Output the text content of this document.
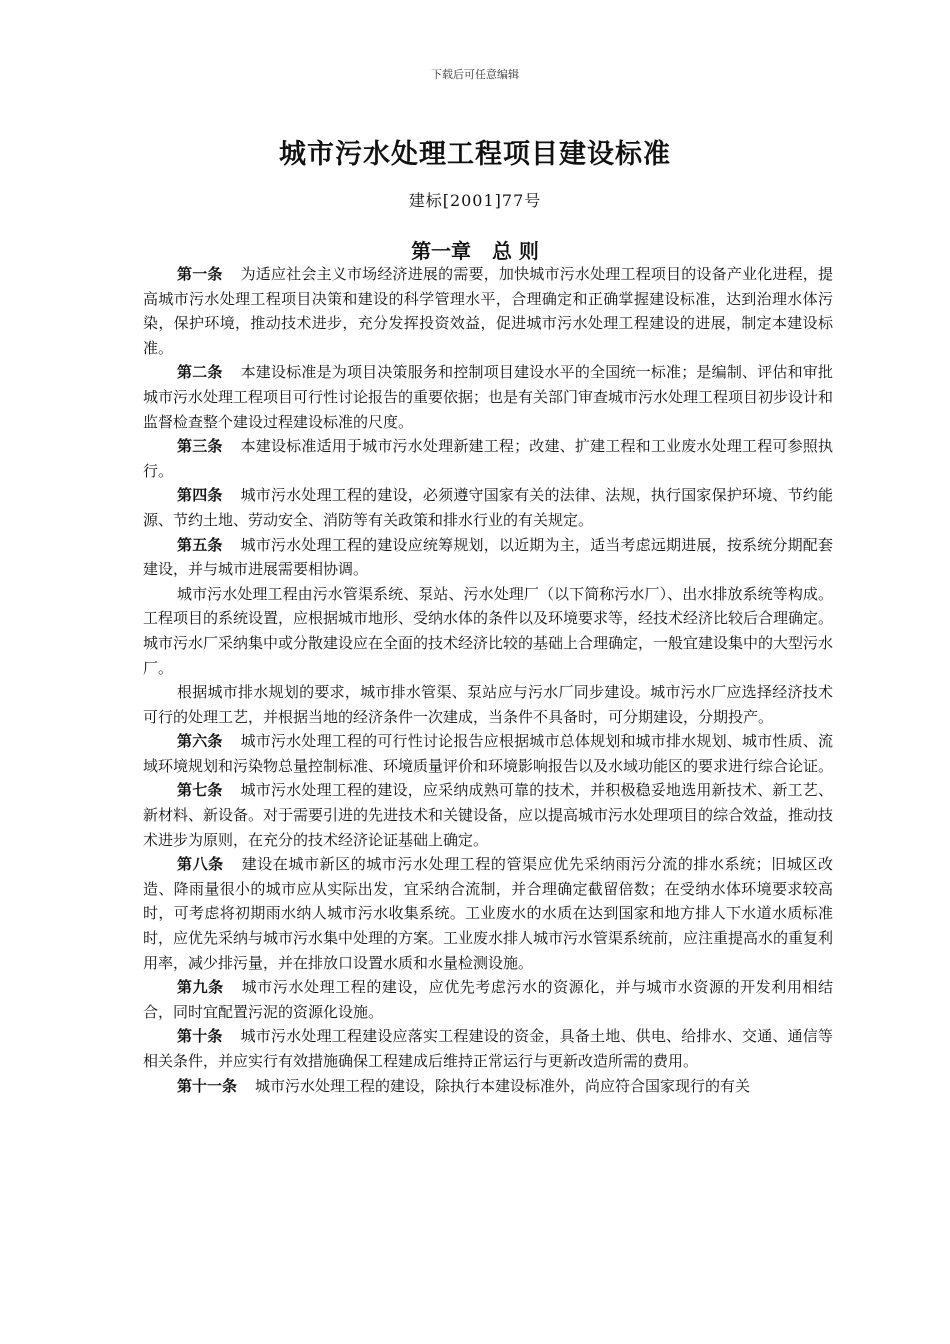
下载后可任意编辑
城市污水处理工程项目建设标准
建标[2001]77号
第一章   总 则

第一条 为适应社会主义市场经济进展的需要，加快城市污水处理工程项目的设备产业化进程，提高城市污水处理工程项目决策和建设的科学管理水平，合理确定和正确掌握建设标准，达到治理水体污染，保护环境，推动技术进步，充分发挥投资效益，促进城市污水处理工程建设的进展，制定本建设标准。

第二条 本建设标准是为项目决策服务和控制项目建设水平的全国统一标准；是编制、评估和审批城市污水处理工程项目可行性讨论报告的重要依据；也是有关部门审查城市污水处理工程项目初步设计和监督检查整个建设过程建设标准的尺度。

第三条 本建设标准适用于城市污水处理新建工程；改建、扩建工程和工业废水处理工程可参照执行。

第四条 城市污水处理工程的建设，必须遵守国家有关的法律、法规，执行国家保护环境、节约能源、节约土地、劳动安全、消防等有关政策和排水行业的有关规定。

第五条 城市污水处理工程的建设应统筹规划，以近期为主，适当考虑远期进展，按系统分期配套建设，并与城市进展需要相协调。

城市污水处理工程由污水管渠系统、泵站、污水处理厂（以下简称污水厂）、出水排放系统等构成。工程项目的系统设置，应根据城市地形、受纳水体的条件以及环境要求等，经技术经济比较后合理确定。城市污水厂采纳集中或分散建设应在全面的技术经济比较的基础上合理确定，一般宜建设集中的大型污水厂。

根据城市排水规划的要求，城市排水管渠、泵站应与污水厂同步建设。城市污水厂应选择经济技术可行的处理工艺，并根据当地的经济条件一次建成，当条件不具备时，可分期建设，分期投产。

第六条 城市污水处理工程的可行性讨论报告应根据城市总体规划和城市排水规划、城市性质、流域环境规划和污染物总量控制标准、环境质量评价和环境影响报告以及水域功能区的要求进行综合论证。

第七条 城市污水处理工程的建设，应采纳成熟可靠的技术，并积极稳妥地选用新技术、新工艺、新材料、新设备。对于需要引进的先进技术和关键设备，应以提高城市污水处理项目的综合效益，推动技术进步为原则，在充分的技术经济论证基础上确定。

第八条 建设在城市新区的城市污水处理工程的管渠应优先采纳雨污分流的排水系统；旧城区改造、降雨量很小的城市应从实际出发，宜采纳合流制，并合理确定截留倍数；在受纳水体环境要求较高时，可考虑将初期雨水纳人城市污水收集系统。工业废水的水质在达到国家和地方排人下水道水质标准时，应优先采纳与城市污水集中处理的方案。工业废水排人城市污水管渠系统前，应注重提高水的重复利用率，减少排污量，并在排放口设置水质和水量检测设施。

第九条 城市污水处理工程的建设，应优先考虑污水的资源化，并与城市水资源的开发利用相结合，同时宜配置污泥的资源化设施。

第十条 城市污水处理工程建设应落实工程建设的资金，具备土地、供电、给排水、交通、通信等相关条件，并应实行有效措施确保工程建成后维持正常运行与更新改造所需的费用。

第十一条 城市污水处理工程的建设，除执行本建设标准外，尚应符合国家现行的有关
